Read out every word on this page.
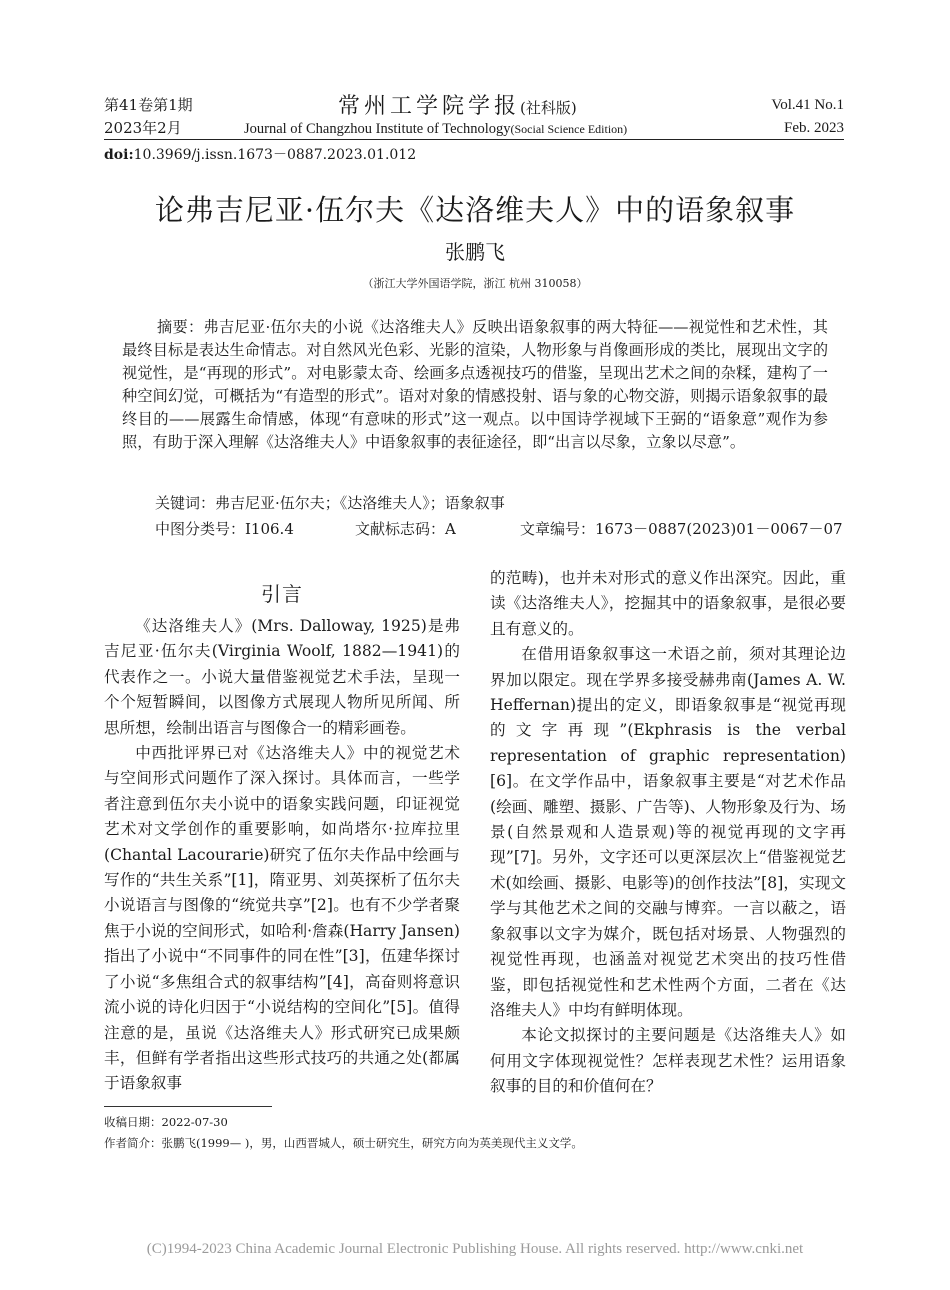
第41卷第1期	常州工学院学报(社科版)	Vol.41 No.1
2023年2月	Journal of Changzhou Institute of Technology(Social Science Edition)	Feb. 2023
doi:10.3969/j.issn.1673－0887.2023.01.012
论弗吉尼亚·伍尔夫《达洛维夫人》中的语象叙事
张鹏飞
（浙江大学外国语学院，浙江 杭州 310058）

摘要：弗吉尼亚·伍尔夫的小说《达洛维夫人》反映出语象叙事的两大特征——视觉性和艺术性，其最终目标是表达生命情志。对自然风光色彩、光影的渲染，人物形象与肖像画形成的类比，展现出文字的视觉性，是“再现的形式”。对电影蒙太奇、绘画多点透视技巧的借鉴，呈现出艺术之间的杂糅，建构了一种空间幻觉，可概括为“有造型的形式”。语对对象的情感投射、语与象的心物交游，则揭示语象叙事的最终目的——展露生命情感，体现“有意味的形式”这一观点。以中国诗学视域下王弼的“语象意”观作为参照，有助于深入理解《达洛维夫人》中语象叙事的表征途径，即“出言以尽象，立象以尽意”。

关键词：弗吉尼亚·伍尔夫；《达洛维夫人》；语象叙事
中图分类号：I106.4	文献标志码：A	文章编号：1673－0887(2023)01－0067－07
引言

《达洛维夫人》(Mrs. Dalloway, 1925)是弗吉尼亚·伍尔夫(Virginia Woolf, 1882—1941)的代表作之一。小说大量借鉴视觉艺术手法，呈现一个个短暂瞬间，以图像方式展现人物所见所闻、所思所想，绘制出语言与图像合一的精彩画卷。

中西批评界已对《达洛维夫人》中的视觉艺术与空间形式问题作了深入探讨。具体而言，一些学者注意到伍尔夫小说中的语象实践问题，印证视觉艺术对文学创作的重要影响，如尚塔尔·拉库拉里(Chantal Lacourarie)研究了伍尔夫作品中绘画与写作的“共生关系”[1]，隋亚男、刘英探析了伍尔夫小说语言与图像的“统觉共享”[2]。也有不少学者聚焦于小说的空间形式，如哈利·詹森(Harry Jansen)指出了小说中“不同事件的同在性”[3]，伍建华探讨了小说“多焦组合式的叙事结构”[4]，高奋则将意识流小说的诗化归因于“小说结构的空间化”[5]。值得注意的是，虽说《达洛维夫人》形式研究已成果颇丰，但鲜有学者指出这些形式技巧的共通之处(都属于语象叙事

的范畴)，也并未对形式的意义作出深究。因此，重读《达洛维夫人》，挖掘其中的语象叙事，是很必要且有意义的。

在借用语象叙事这一术语之前，须对其理论边界加以限定。现在学界多接受赫弗南(James A. W. Heffernan)提出的定义，即语象叙事是“视觉再现的文字再现”(Ekphrasis is the verbal representation of graphic representation)[6]。在文学作品中，语象叙事主要是“对艺术作品(绘画、雕塑、摄影、广告等)、人物形象及行为、场景(自然景观和人造景观)等的视觉再现的文字再现”[7]。另外，文字还可以更深层次上“借鉴视觉艺术(如绘画、摄影、电影等)的创作技法”[8]，实现文学与其他艺术之间的交融与博弈。一言以蔽之，语象叙事以文字为媒介，既包括对场景、人物强烈的视觉性再现，也涵盖对视觉艺术突出的技巧性借鉴，即包括视觉性和艺术性两个方面，二者在《达洛维夫人》中均有鲜明体现。

本论文拟探讨的主要问题是《达洛维夫人》如何用文字体现视觉性？怎样表现艺术性？运用语象叙事的目的和价值何在？

收稿日期：2022-07-30
作者简介：张鹏飞(1999— )，男，山西晋城人，硕士研究生，研究方向为英美现代主义文学。
(C)1994-2023 China Academic Journal Electronic Publishing House. All rights reserved. http://www.cnki.net
